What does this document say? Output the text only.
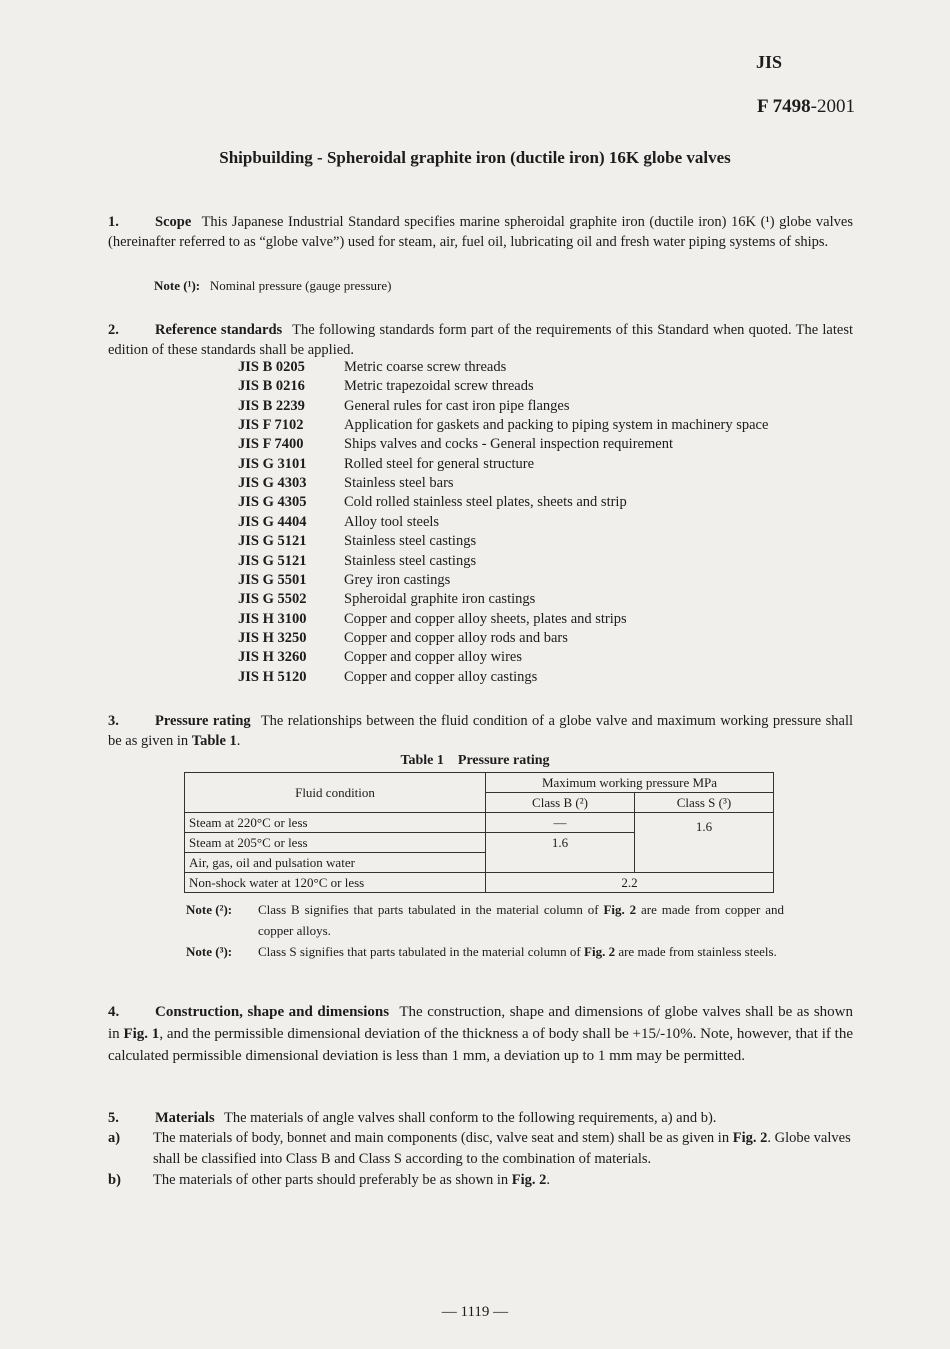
JIS
F 7498-2001
Shipbuilding - Spheroidal graphite iron (ductile iron) 16K globe valves
1. Scope This Japanese Industrial Standard specifies marine spheroidal graphite iron (ductile iron) 16K (¹) globe valves (hereinafter referred to as “globe valve”) used for steam, air, fuel oil, lubricating oil and fresh water piping systems of ships.
Note (¹): Nominal pressure (gauge pressure)
2. Reference standards The following standards form part of the requirements of this Standard when quoted. The latest edition of these standards shall be applied.
JIS B 0205	Metric coarse screw threads
JIS B 0216	Metric trapezoidal screw threads
JIS B 2239	General rules for cast iron pipe flanges
JIS F 7102	Application for gaskets and packing to piping system in machinery space
JIS F 7400	Ships valves and cocks - General inspection requirement
JIS G 3101	Rolled steel for general structure
JIS G 4303	Stainless steel bars
JIS G 4305	Cold rolled stainless steel plates, sheets and strip
JIS G 4404	Alloy tool steels
JIS G 5121	Stainless steel castings
JIS G 5121	Stainless steel castings
JIS G 5501	Grey iron castings
JIS G 5502	Spheroidal graphite iron castings
JIS H 3100	Copper and copper alloy sheets, plates and strips
JIS H 3250	Copper and copper alloy rods and bars
JIS H 3260	Copper and copper alloy wires
JIS H 5120	Copper and copper alloy castings
3. Pressure rating The relationships between the fluid condition of a globe valve and maximum working pressure shall be as given in Table 1.
Table 1    Pressure rating
Fluid condition	Maximum working pressure MPa	
	Class B (²)	Class S (³)
Steam at 220°C or less	—	1.6
Steam at 205°C or less	1.6	
Air, gas, oil and pulsation water		
Non-shock water at 120°C or less	2.2	
Note (²): Class B signifies that parts tabulated in the material column of Fig. 2 are made from copper and copper alloys.
Note (³): Class S signifies that parts tabulated in the material column of Fig. 2 are made from stainless steels.
4. Construction, shape and dimensions The construction, shape and dimensions of globe valves shall be as shown in Fig. 1, and the permissible dimensional deviation of the thickness a of body shall be +15/-10%. Note, however, that if the calculated permissible dimensional deviation is less than 1 mm, a deviation up to 1 mm may be permitted.
5. Materials The materials of angle valves shall conform to the following requirements, a) and b).
a) The materials of body, bonnet and main components (disc, valve seat and stem) shall be as given in Fig. 2. Globe valves shall be classified into Class B and Class S according to the combination of materials.
b) The materials of other parts should preferably be as shown in Fig. 2.
— 1119 —
